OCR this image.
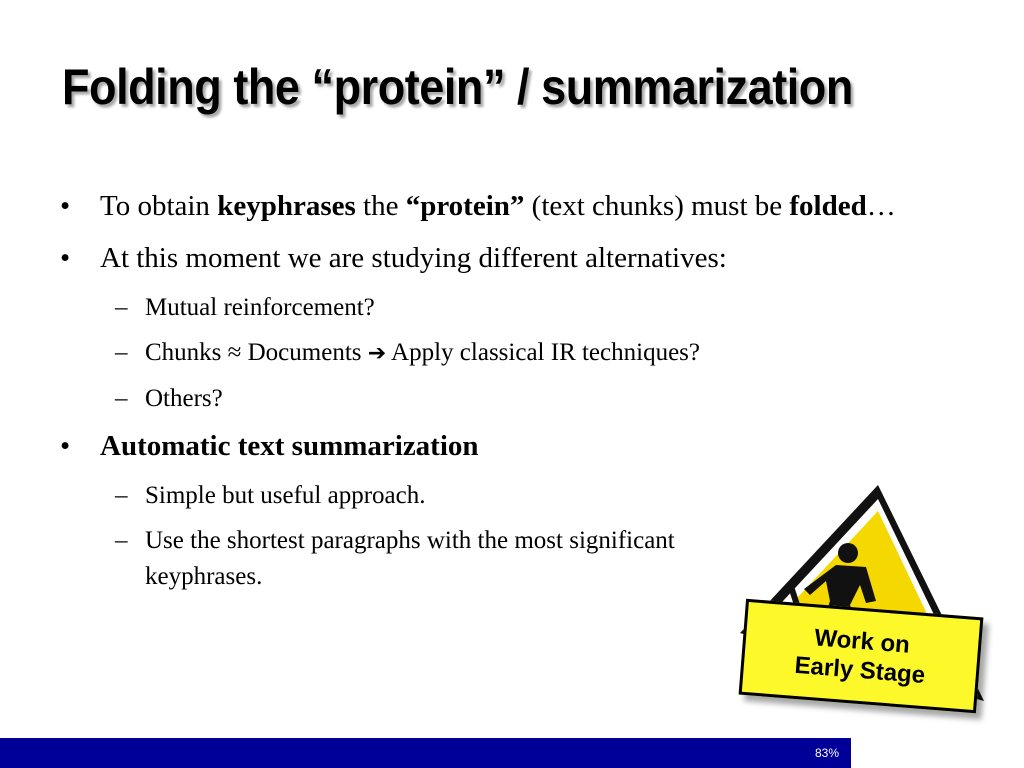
Folding the “protein” / summarization
• To obtain keyphrases the “protein” (text chunks) must be folded…
• At this moment we are studying different alternatives:
– Mutual reinforcement?
– Chunks ≈ Documents ➔ Apply classical IR techniques?
– Others?
• Automatic text summarization
– Simple but useful approach.
– Use the shortest paragraphs with the most significant keyphrases.
Work on
Early Stage
83%
